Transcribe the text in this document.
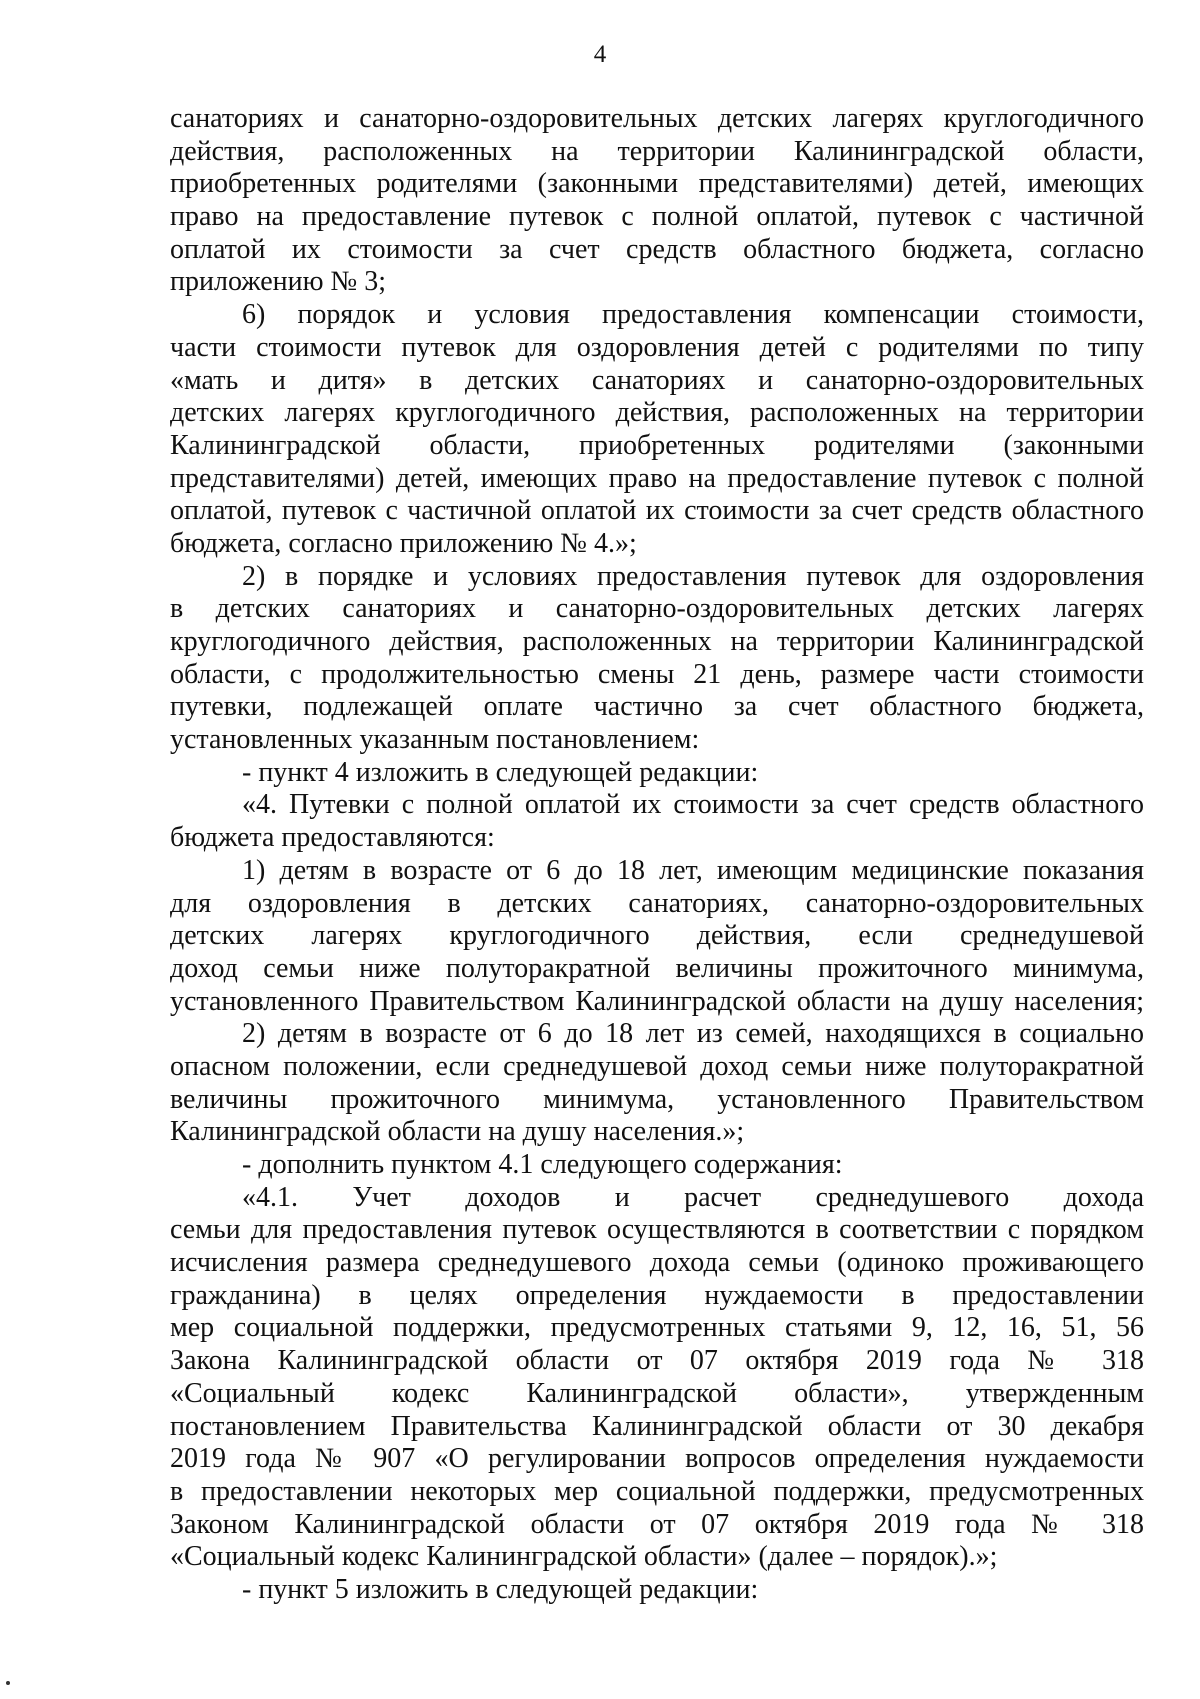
4
санаториях и санаторно-оздоровительных детских лагерях круглогодичного
действия, расположенных на территории Калининградской области,
приобретенных родителями (законными представителями) детей, имеющих
право на предоставление путевок с полной оплатой, путевок с частичной
оплатой их стоимости за счет средств областного бюджета, согласно
приложению № 3;
6) порядок и условия предоставления компенсации стоимости,
части стоимости путевок для оздоровления детей с родителями по типу
«мать и дитя» в детских санаториях и санаторно-оздоровительных
детских лагерях круглогодичного действия, расположенных на территории
Калининградской области, приобретенных родителями (законными
представителями) детей, имеющих право на предоставление путевок с полной
оплатой, путевок с частичной оплатой их стоимости за счет средств областного
бюджета, согласно приложению № 4.»;
2) в порядке и условиях предоставления путевок для оздоровления
в детских санаториях и санаторно-оздоровительных детских лагерях
круглогодичного действия, расположенных на территории Калининградской
области, с продолжительностью смены 21 день, размере части стоимости
путевки, подлежащей оплате частично за счет областного бюджета,
установленных указанным постановлением:
- пункт 4 изложить в следующей редакции:
«4. Путевки с полной оплатой их стоимости за счет средств областного
бюджета предоставляются:
1) детям в возрасте от 6 до 18 лет, имеющим медицинские показания
для оздоровления в детских санаториях, санаторно-оздоровительных
детских лагерях круглогодичного действия, если среднедушевой
доход семьи ниже полуторакратной величины прожиточного минимума,
установленного Правительством Калининградской области на душу населения;
2) детям в возрасте от 6 до 18 лет из семей, находящихся в социально
опасном положении, если среднедушевой доход семьи ниже полуторакратной
величины прожиточного минимума, установленного Правительством
Калининградской области на душу населения.»;
- дополнить пунктом 4.1 следующего содержания:
«4.1. Учет доходов и расчет среднедушевого дохода
семьи для предоставления путевок осуществляются в соответствии с порядком
исчисления размера среднедушевого дохода семьи (одиноко проживающего
гражданина) в целях определения нуждаемости в предоставлении
мер социальной поддержки, предусмотренных статьями 9, 12, 16, 51, 56
Закона Калининградской области от 07 октября 2019 года № 318
«Социальный кодекс Калининградской области», утвержденным
постановлением Правительства Калининградской области от 30 декабря
2019 года № 907 «О регулировании вопросов определения нуждаемости
в предоставлении некоторых мер социальной поддержки, предусмотренных
Законом Калининградской области от 07 октября 2019 года № 318
«Социальный кодекс Калининградской области» (далее – порядок).»;
- пункт 5 изложить в следующей редакции:
